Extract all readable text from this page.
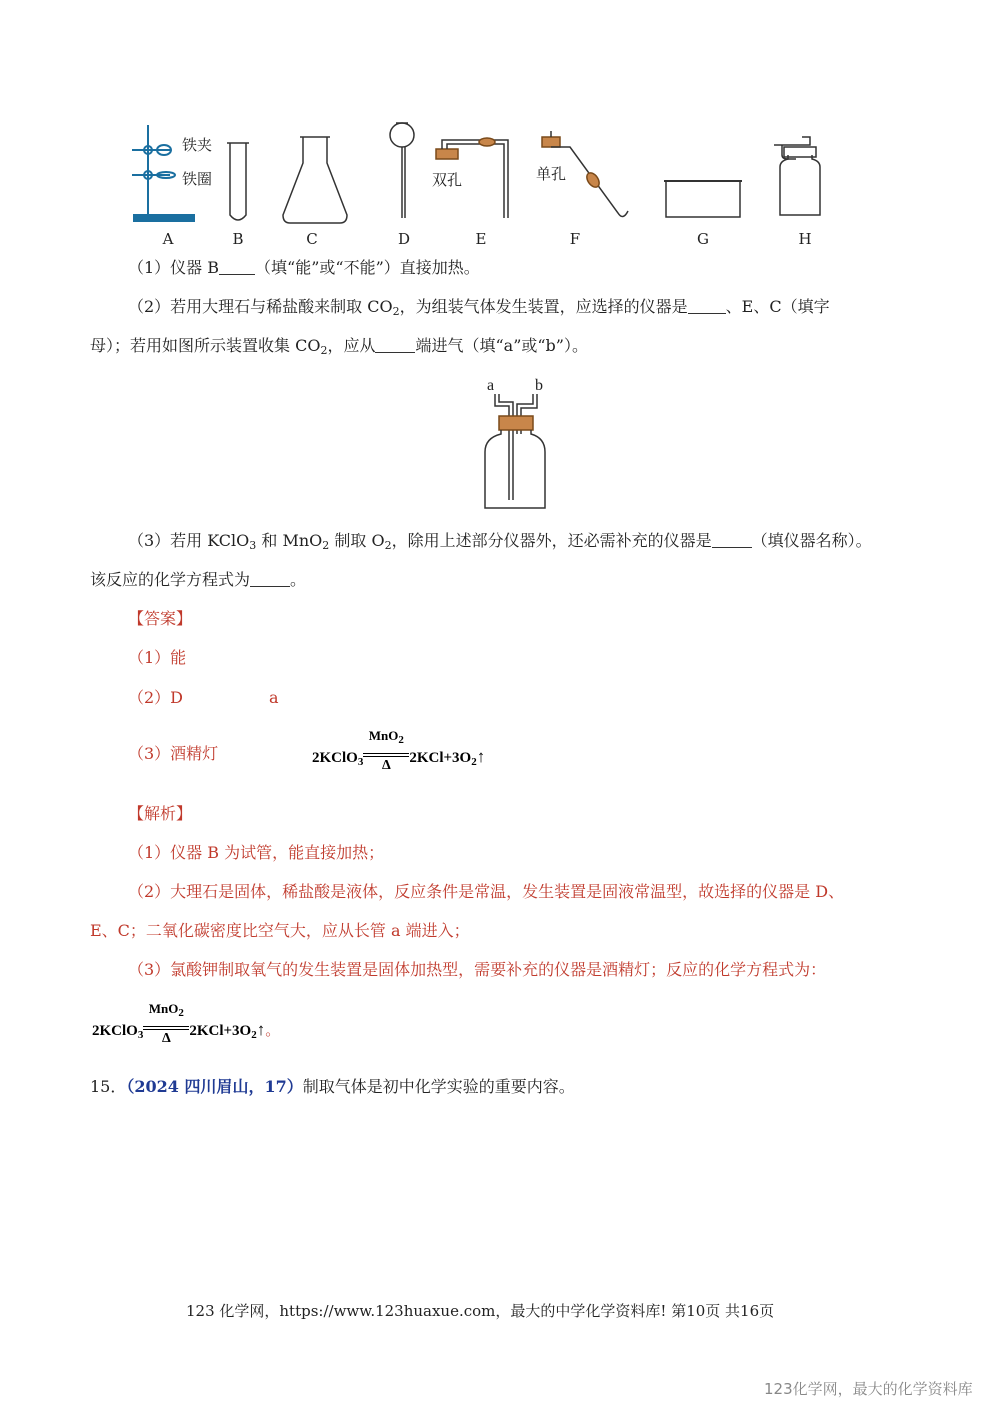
铁夹
铁圈	双孔	单孔
A	B	C	D	E	F	G	H
（1）仪器 B （填“能”或“不能”）直接加热。
（2）若用大理石与稀盐酸来制取 $CO_2$，为组装气体发生装置，应选择的仪器是 、E、C（填字
母）；若用如图所示装置收集 $CO_2$，应从	端进气（填“a”或“b”）。
a	b
（3）若用 KClO$_3$ 和 MnO$_2$ 制取 $O_2$，除用上述部分仪器外，还必需补充的仪器是	（填仪器名称）。
该反应的化学方程式为	。
【答案】
（1）能
（2）D	a
（3）酒精灯	2KClO$_3$ $\frac{MnO_2}{\Delta}$ $2KCl+3O_2↑$
【解析】
（1）仪器 B 为试管，能直接加热；
（2）大理石是固体，稀盐酸是液体，反应条件是常温，发生装置是固液常温型，故选择的仪器是 D、
E、C；二氧化碳密度比空气大，应从长管 a 端进入；
（3）氯酸钾制取氧气的发生装置是固体加热型，需要补充的仪器是酒精灯；反应的化学方程式为：
2KClO$_3$ $\frac{MnO_2}{\Delta}$ $2KCl+3O_2↑$。
15．（2024 四川眉山，17）制取气体是初中化学实验的重要内容。
123 化学网，https://www.123huaxue.com，最大的中学化学资料库! 第10页 共16页
123化学网，最大的化学资料库
